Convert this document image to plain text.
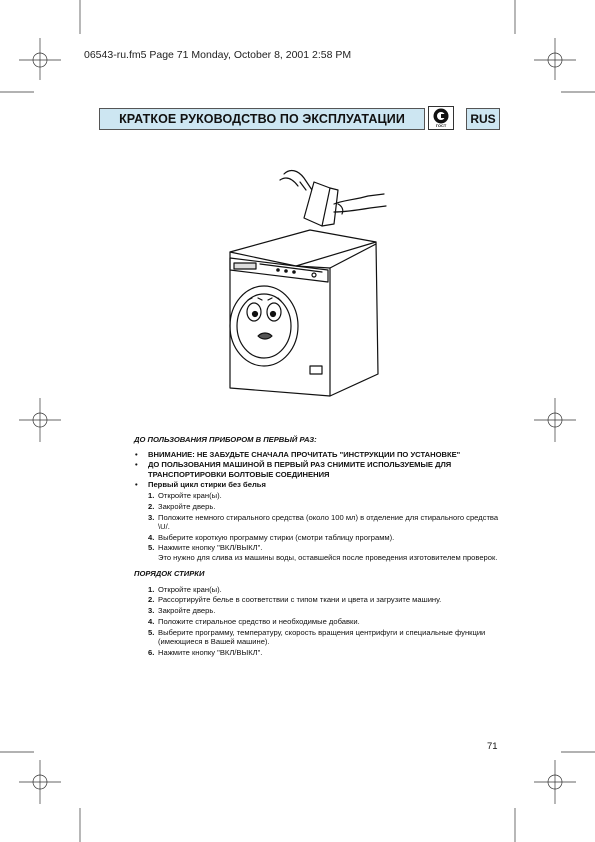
06543-ru.fm5 Page 71 Monday, October 8, 2001 2:58 PM
КРАТКОЕ РУКОВОДСТВО ПО ЭКСПЛУАТАЦИИ	ГОСТ	RUS
ДО ПОЛЬЗОВАНИЯ ПРИБОРОМ В ПЕРВЫЙ РАЗ:
• ВНИМАНИЕ: НЕ ЗАБУДЬТЕ СНАЧАЛА ПРОЧИТАТЬ "ИНСТРУКЦИИ ПО УСТАНОВКЕ"
• ДО ПОЛЬЗОВАНИЯ МАШИНОЙ В ПЕРВЫЙ РАЗ СНИМИТЕ ИСПОЛЬЗУЕМЫЕ ДЛЯ ТРАНСПОРТИРОВКИ БОЛТОВЫЕ СОЕДИНЕНИЯ
• Первый цикл стирки без белья
1. Откройте кран(ы).
2. Закройте дверь.
3. Положите немного стирального средства (около 100 мл) в отделение для стирального средства \U/.
4. Выберите короткую программу стирки (смотри таблицу программ).
5. Нажмите кнопку "ВКЛ/ВЫКЛ".
Это нужно для слива из машины воды, оставшейся после проведения изготовителем проверок.
ПОРЯДОК СТИРКИ
1. Откройте кран(ы).
2. Рассортируйте белье в соответствии с типом ткани и цвета и загрузите машину.
3. Закройте дверь.
4. Положите стиральное средство и необходимые добавки.
5. Выберите программу, температуру, скорость вращения центрифуги и специальные функции (имеющиеся в Вашей машине).
6. Нажмите кнопку "ВКЛ/ВЫКЛ".
71
